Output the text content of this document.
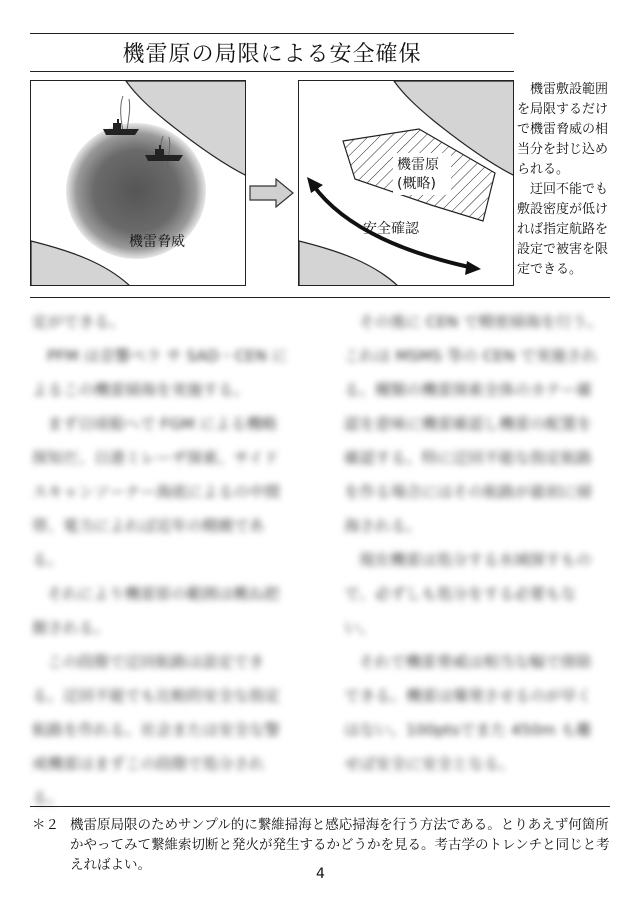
機雷原の局限による安全確保
機雷脅威
機雷原
(概略)
安全確認

機雷敷設範囲を局限するだけで機雷脅威の相当分を封じ込められる。

迂回不能でも敷設密度が低ければ指定航路を設定で被害を限定できる。

定ができる。

PFM は音響ペラ サ SAD・CEN によるこの機雷掃海を実施する。

まず日頃船へで FGM による機略探知だ、日港ミレーザ探索、サイドスキャンソーナー海底によるの中間帯、電力によれば近年の精緻である。

それにより機雷原の範囲は概ね把握される。

この段階で迂回航路は設定できる。迂回不能でも比較的安全な指定航路を作れる。社会または安全な警戒機雷はまずこの段階で処分される。

その後に CEN で精密掃海を行う。これは MSMS 等の CEN で実施される。種類の機雷探索全体のカテー確認を意味に機雷確認し機雷の配置を確認する。特に迂回不能な指定航路を作る場合にはその航路が最初に掃海される。

現在機雷は処分する水域探すもので、必ずしも処分をする必要もない。

それで機雷脅威は相当な幅で排除できる。機雷は爆発させるのが早くはない。100ptsでまた 450m も離せば安全に安全となる。

＊２ 機雷原局限のためサンプル的に繋維掃海と感応掃海を行う方法である。とりあえず何箇所かやってみて繋維索切断と発火が発生するかどうかを見る。考古学のトレンチと同じと考えればよい。
4
